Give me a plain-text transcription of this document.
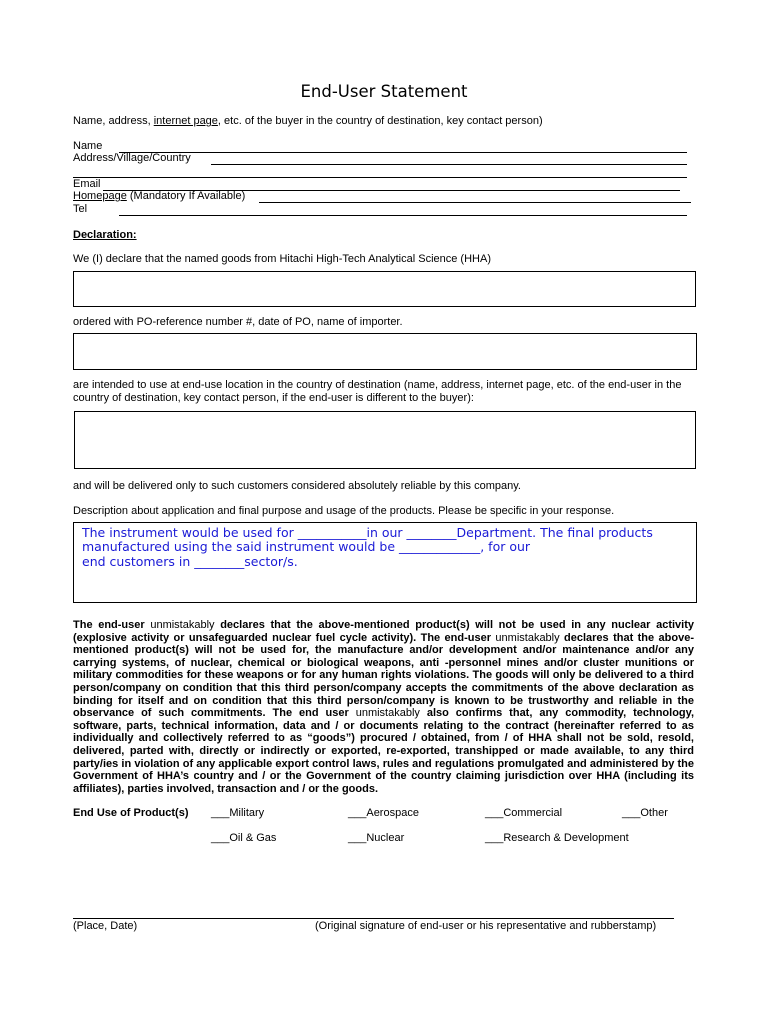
End-User Statement
Name, address, internet page, etc. of the buyer in the country of destination, key contact person)
Name
Address/Village/Country
Email
Homepage (Mandatory If Available)
Tel
Declaration:
We (I) declare that the named goods from Hitachi High-Tech Analytical Science (HHA)
ordered with PO-reference number #, date of PO, name of importer.
are intended to use at end-use location in the country of destination (name, address, internet page, etc. of the end-user in the country of destination, key contact person, if the end-user is different to the buyer):
and will be delivered only to such customers considered absolutely reliable by this company.
Description about application and final purpose and usage of the products. Please be specific in your response.
The instrument would be used for ___________in our ________Department. The final products
manufactured using the said instrument would be _____________, for our
end customers in ________sector/s.
The end-user unmistakably declares that the above-mentioned product(s) will not be used in any nuclear activity (explosive activity or unsafeguarded nuclear fuel cycle activity). The end-user unmistakably declares that the above-mentioned product(s) will not be used for, the manufacture and/or development and/or maintenance and/or any carrying systems, of nuclear, chemical or biological weapons, anti -personnel mines and/or cluster munitions or military commodities for these weapons or for any human rights violations. The goods will only be delivered to a third person/company on condition that this third person/company accepts the commitments of the above declaration as binding for itself and on condition that this third person/company is known to be trustworthy and reliable in the observance of such commitments. The end user unmistakably also confirms that, any commodity, technology, software, parts, technical information, data and / or documents relating to the contract (hereinafter referred to as individually and collectively referred to as “goods”) procured / obtained, from / of HHA shall not be sold, resold, delivered, parted with, directly or indirectly or exported, re-exported, transhipped or made available, to any third party/ies in violation of any applicable export control laws, rules and regulations promulgated and administered by the Government of HHA’s country and / or the Government of the country claiming jurisdiction over HHA (including its affiliates), parties involved, transaction and / or the goods.
End Use of Product(s) ___Military	___Aerospace	___Commercial	___Other
___Oil & Gas	___Nuclear	___Research & Development
(Place, Date)	(Original signature of end-user or his representative and rubberstamp)
